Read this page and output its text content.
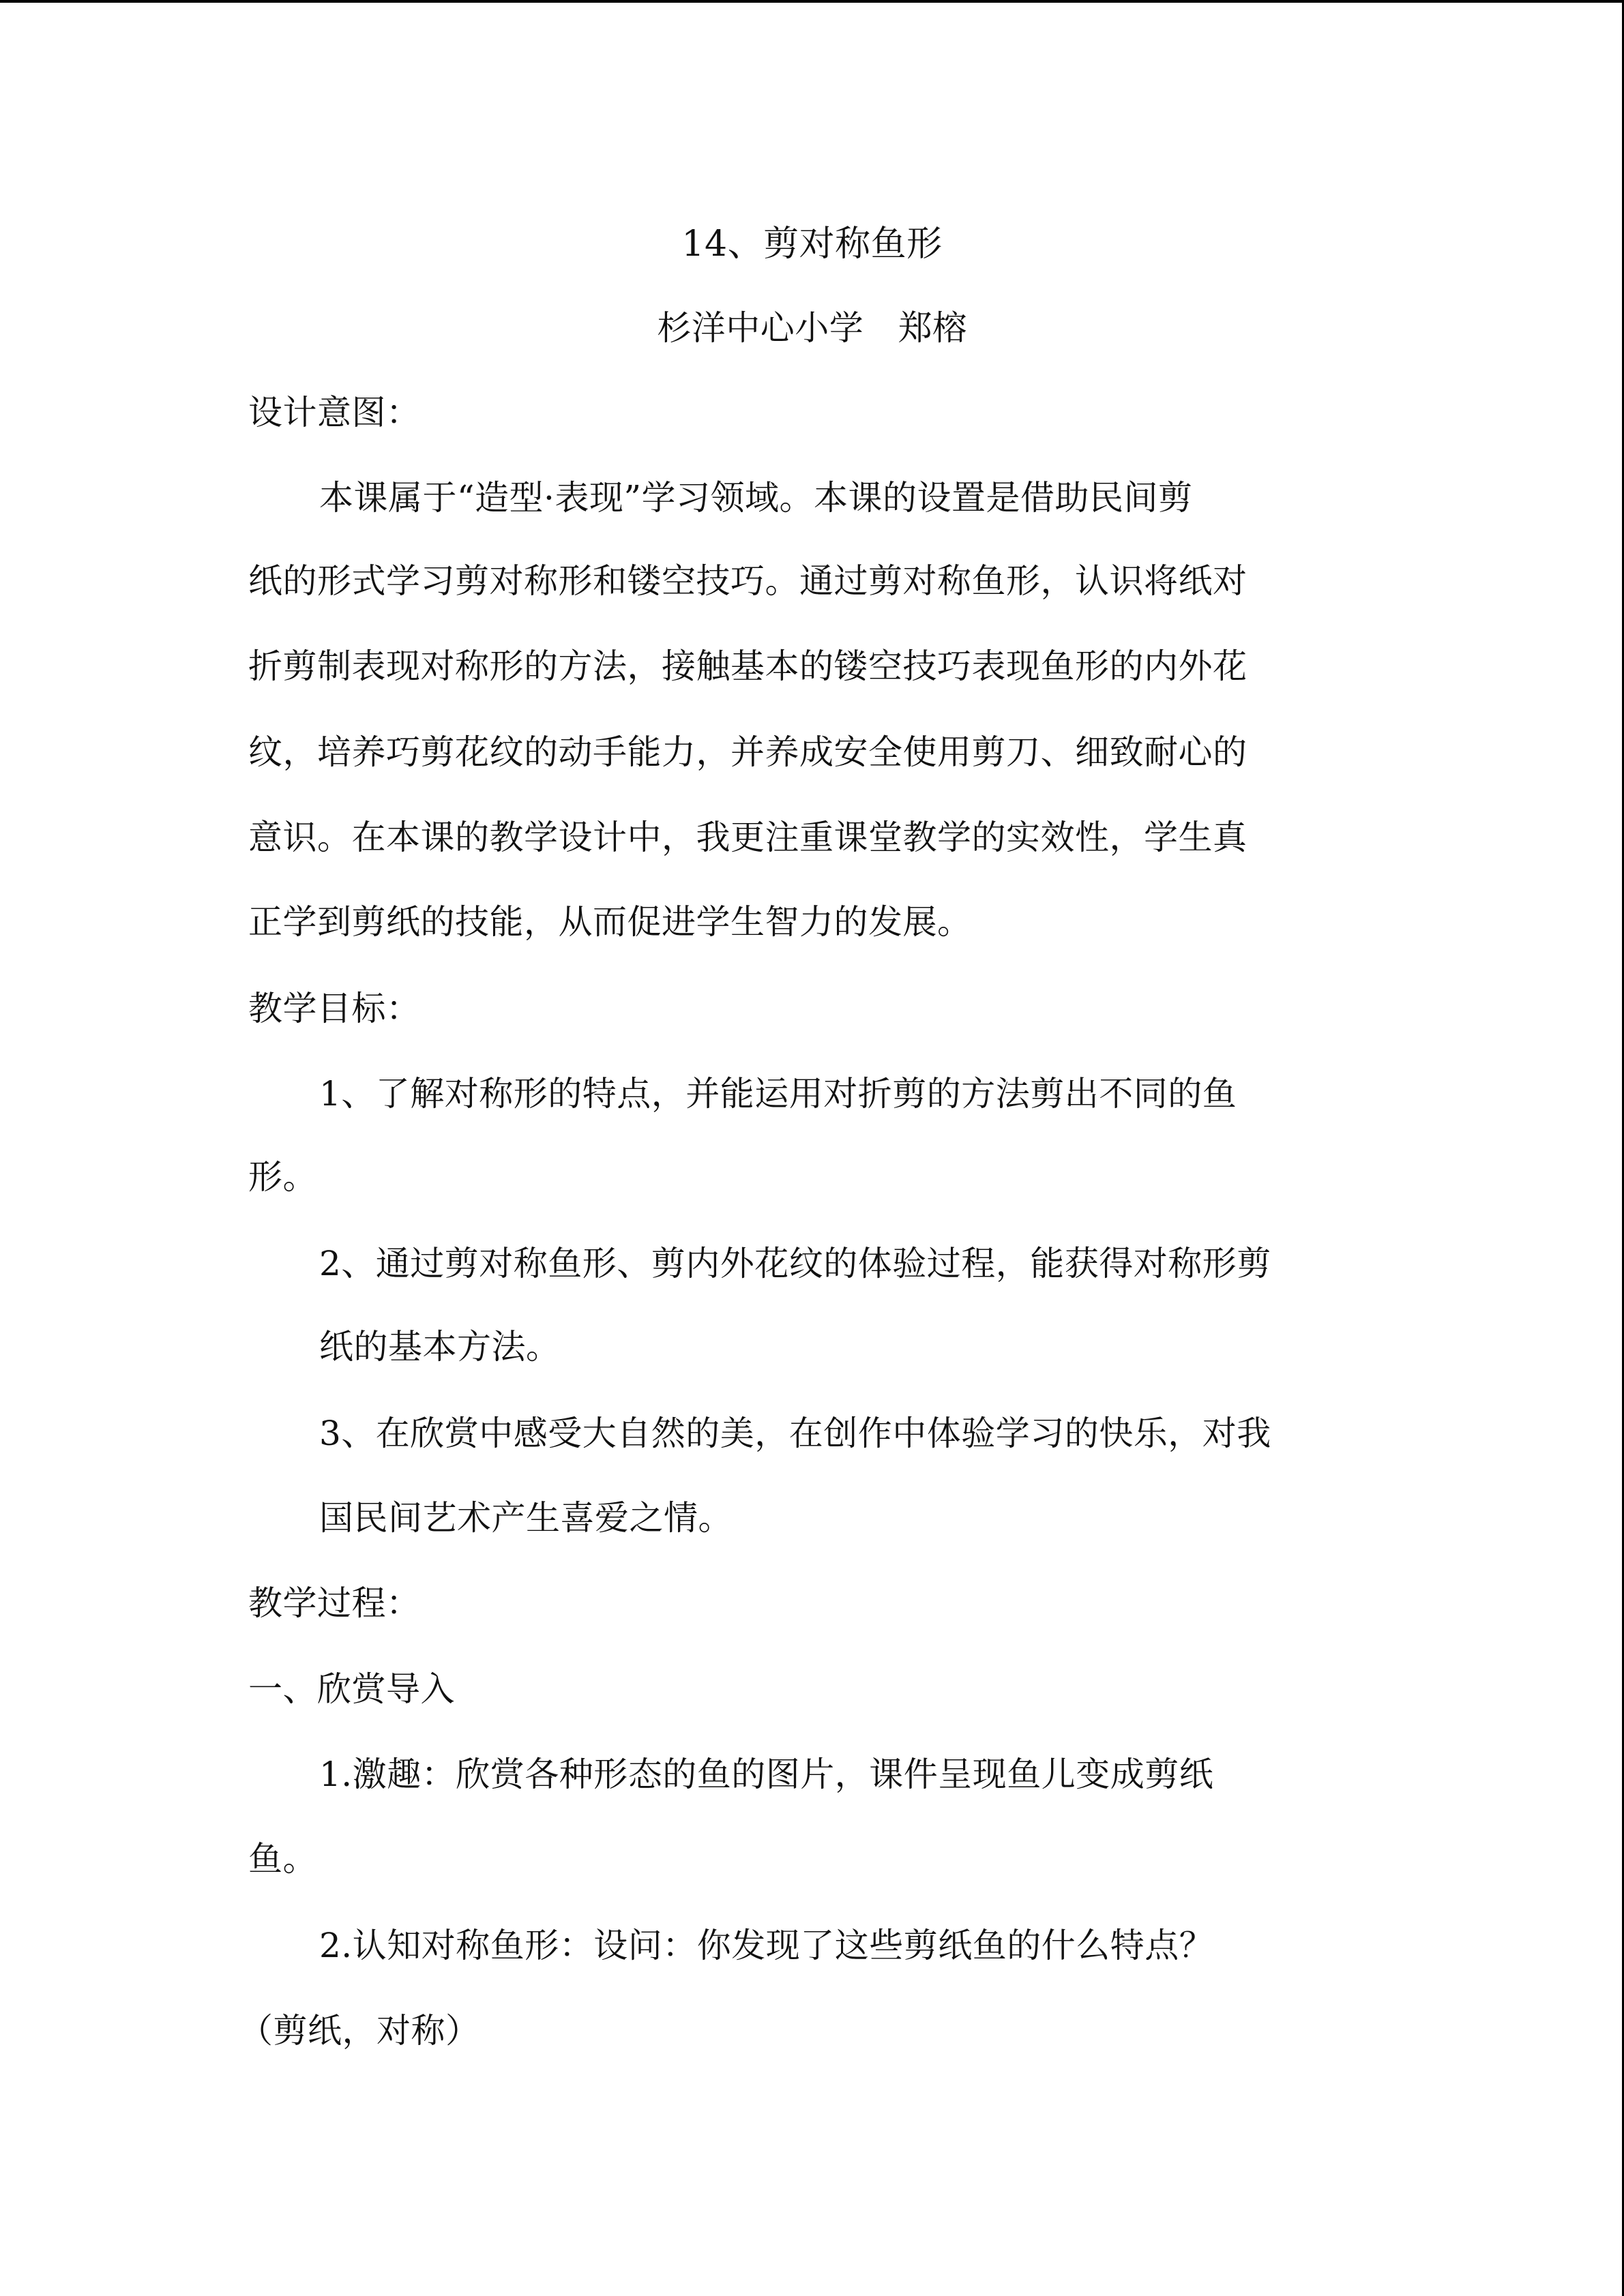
14、剪对称鱼形
杉洋中心小学　郑榕
设计意图：
本课属于“造型·表现”学习领域。本课的设置是借助民间剪
纸的形式学习剪对称形和镂空技巧。通过剪对称鱼形，认识将纸对
折剪制表现对称形的方法，接触基本的镂空技巧表现鱼形的内外花
纹，培养巧剪花纹的动手能力，并养成安全使用剪刀、细致耐心的
意识。在本课的教学设计中，我更注重课堂教学的实效性，学生真
正学到剪纸的技能，从而促进学生智力的发展。
教学目标：
1、了解对称形的特点，并能运用对折剪的方法剪出不同的鱼
形。
2、通过剪对称鱼形、剪内外花纹的体验过程，能获得对称形剪
纸的基本方法。
3、在欣赏中感受大自然的美，在创作中体验学习的快乐，对我
国民间艺术产生喜爱之情。
教学过程：
一、欣赏导入
1.激趣：欣赏各种形态的鱼的图片，课件呈现鱼儿变成剪纸
鱼。
2.认知对称鱼形：设问：你发现了这些剪纸鱼的什么特点？
（剪纸，对称）
